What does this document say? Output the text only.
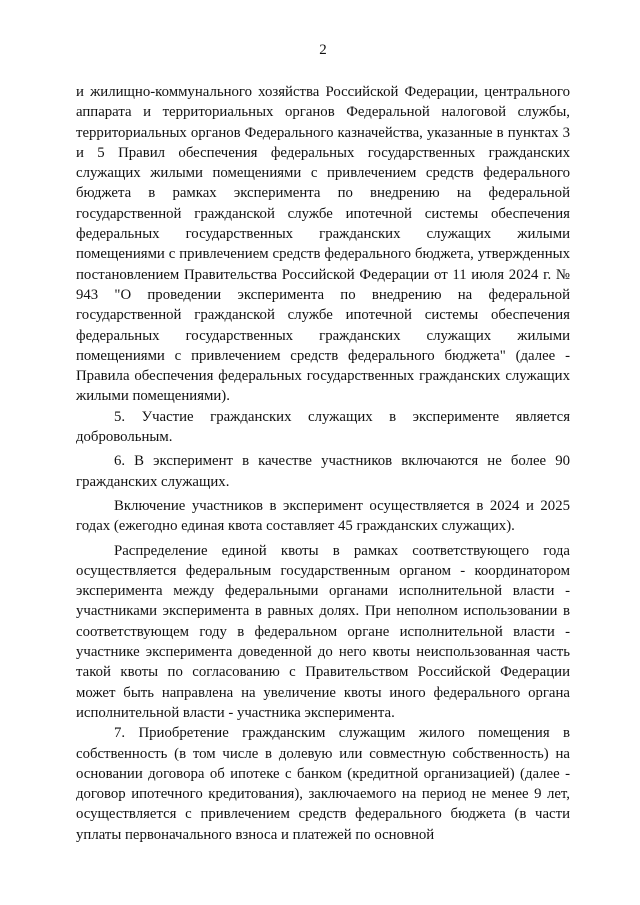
2

и жилищно-коммунального хозяйства Российской Федерации, центрального аппарата и территориальных органов Федеральной налоговой службы, территориальных органов Федерального казначейства, указанные в пунктах 3 и 5 Правил обеспечения федеральных государственных гражданских служащих жилыми помещениями с привлечением средств федерального бюджета в рамках эксперимента по внедрению на федеральной государственной гражданской службе ипотечной системы обеспечения федеральных государственных гражданских служащих жилыми помещениями с привлечением средств федерального бюджета, утвержденных постановлением Правительства Российской Федерации от 11 июля 2024 г. № 943 "О проведении эксперимента по внедрению на федеральной государственной гражданской службе ипотечной системы обеспечения федеральных государственных гражданских служащих жилыми помещениями с привлечением средств федерального бюджета" (далее - Правила обеспечения федеральных государственных гражданских служащих жилыми помещениями).

5. Участие гражданских служащих в эксперименте является добровольным.

6. В эксперимент в качестве участников включаются не более 90 гражданских служащих.

Включение участников в эксперимент осуществляется в 2024 и 2025 годах (ежегодно единая квота составляет 45 гражданских служащих).

Распределение единой квоты в рамках соответствующего года осуществляется федеральным государственным органом - координатором эксперимента между федеральными органами исполнительной власти - участниками эксперимента в равных долях. При неполном использовании в соответствующем году в федеральном органе исполнительной власти - участнике эксперимента доведенной до него квоты неиспользованная часть такой квоты по согласованию с Правительством Российской Федерации может быть направлена на увеличение квоты иного федерального органа исполнительной власти - участника эксперимента.

7. Приобретение гражданским служащим жилого помещения в собственность (в том числе в долевую или совместную собственность) на основании договора об ипотеке с банком (кредитной организацией) (далее - договор ипотечного кредитования), заключаемого на период не менее 9 лет, осуществляется с привлечением средств федерального бюджета (в части уплаты первоначального взноса и платежей по основной
